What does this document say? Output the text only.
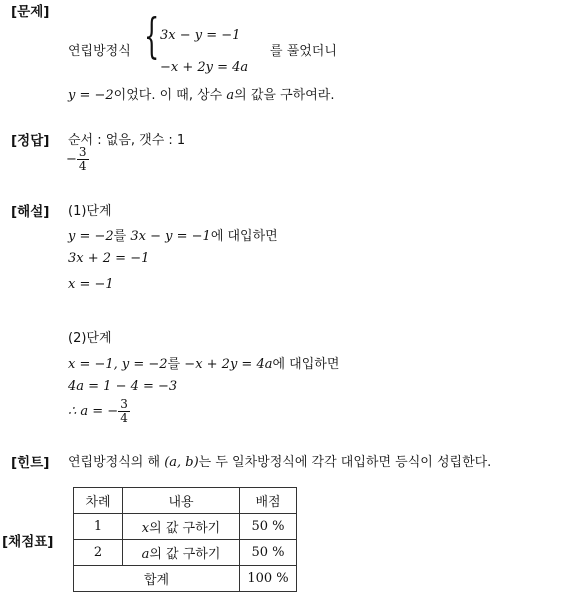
[문제]
연립방정식 { 3x − y = −1
−x + 2y = 4a
를 풀었더니
y = −2이었다. 이 때, 상수 a의 값을 구하여라.
[정답] 순서 : 없음, 갯수 : 1
− $\frac{3}{4}$
[해설] (1)단계
y = −2를 3x − y = −1에 대입하면
3x + 2 = −1
x = −1
(2)단계
x = −1, y = −2를 −x + 2y = 4a에 대입하면
4a = 1 − 4 = −3
∴ a = − $\frac{3}{4}$
[힌트] 연립방정식의 해 (a, b)는 두 일차방정식에 각각 대입하면 등식이 성립한다.
[채점표]
차례	내용	배점
1	x의 값 구하기	50 %
2	a의 값 구하기	50 %
합계		100 %
